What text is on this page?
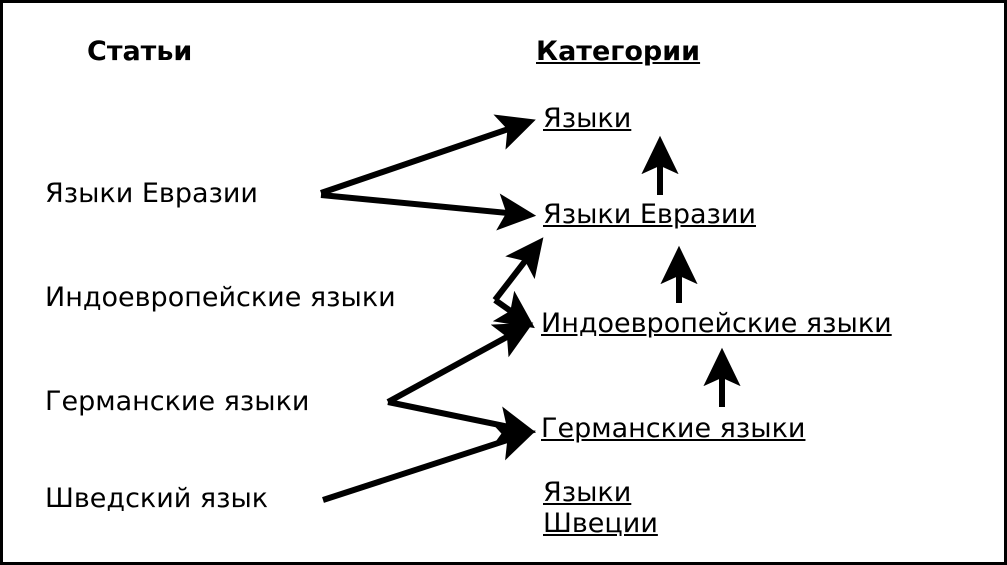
Статьи	Категории
Языки Евразии
Индоевропейские языки
Германские языки
Шведский язык
Языки
Языки Евразии
Индоевропейские языки
Германские языки
Языки
Швеции
